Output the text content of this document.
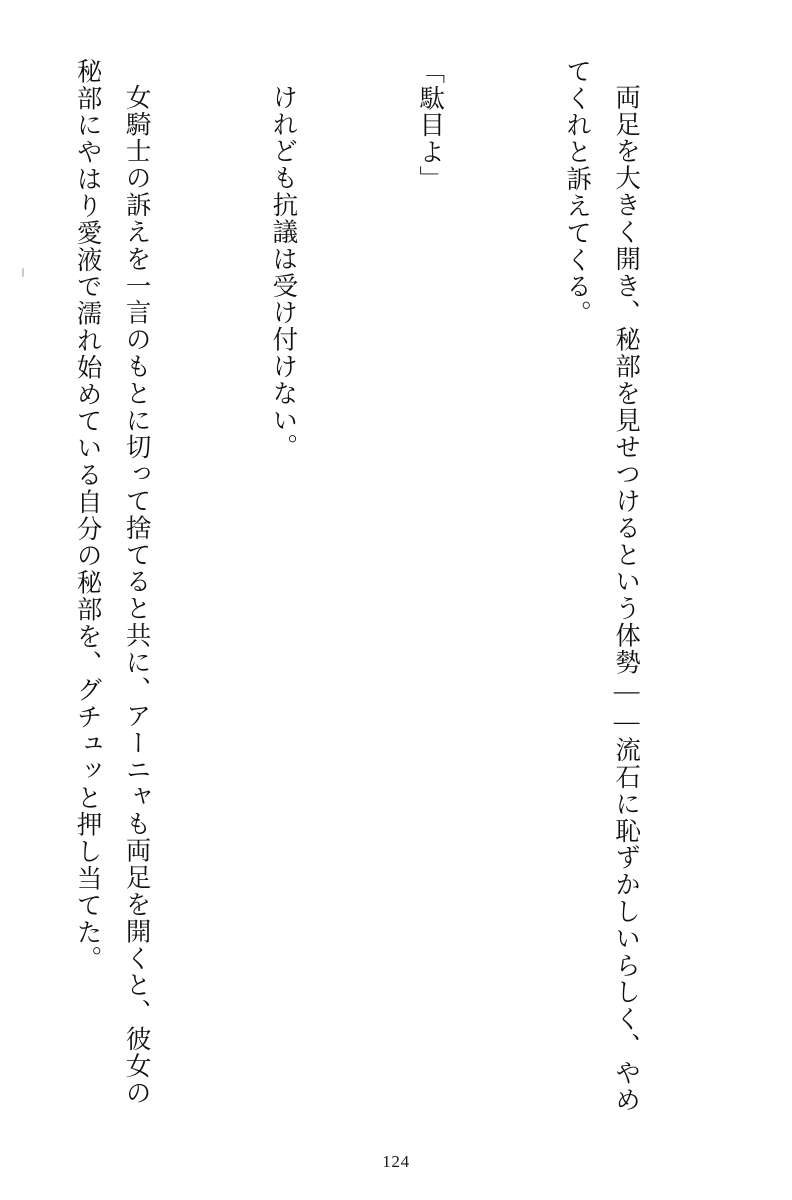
両足を大きく開き、秘部を見せつけるという体勢——流石に恥ずかしいらしく、やめてくれと訴えてくる。

「駄目よ」

けれども抗議は受け付けない。

女騎士の訴えを一言のもとに切って捨てると共に、アーニャも両足を開くと、彼女の秘部にやはり愛液で濡れ始めている自分の秘部を、グチュッと押し当てた。

124
